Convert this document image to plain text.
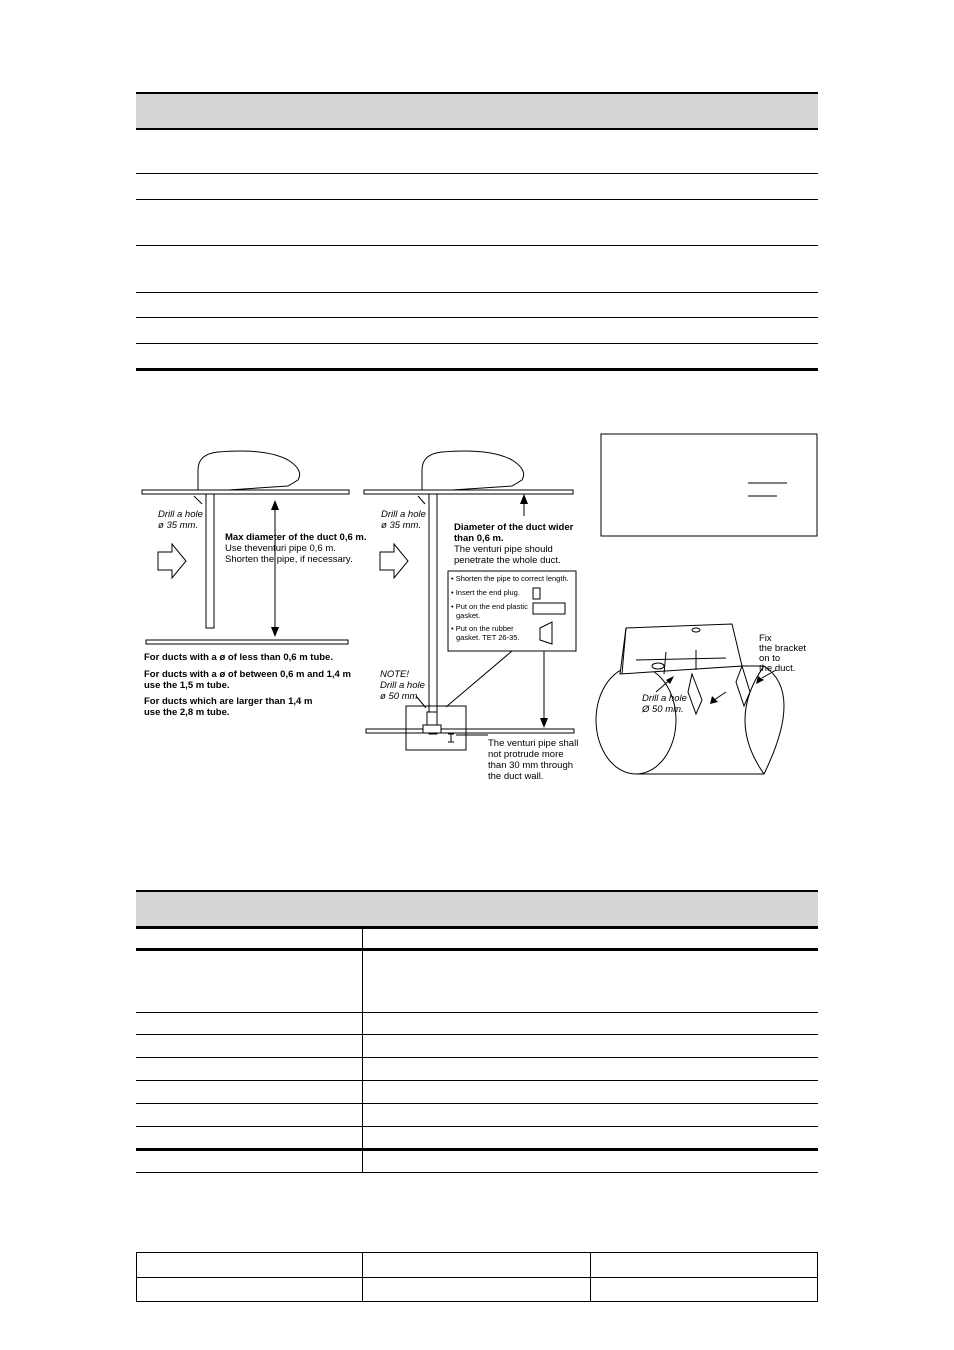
Drill a hole
ø 35 mm.
Max diameter of the duct 0,6 m.
Use theventuri pipe 0,6 m.
Shorten the pipe, if necessary.
For ducts with a ø of less than 0,6 m tube.
For ducts with a ø of between 0,6 m and 1,4 m
use the 1,5 m tube.
For ducts which are larger than 1,4 m
use the 2,8 m tube.
Drill a hole
ø 35 mm.	Diameter of the duct wider
than 0,6 m.
The venturi pipe should
penetrate the whole duct.
• Shorten the pipe to correct length.
• Insert the end plug.
• Put on the end plastic
gasket.
• Put on the rubber
gasket. TET 26-35.
NOTE!
Drill a hole
ø 50 mm.
The venturi pipe shall
not protrude more
than 30 mm through
the duct wall.
Drill a hole
Ø 50 mm.
Fix
the bracket
on to
the duct.
